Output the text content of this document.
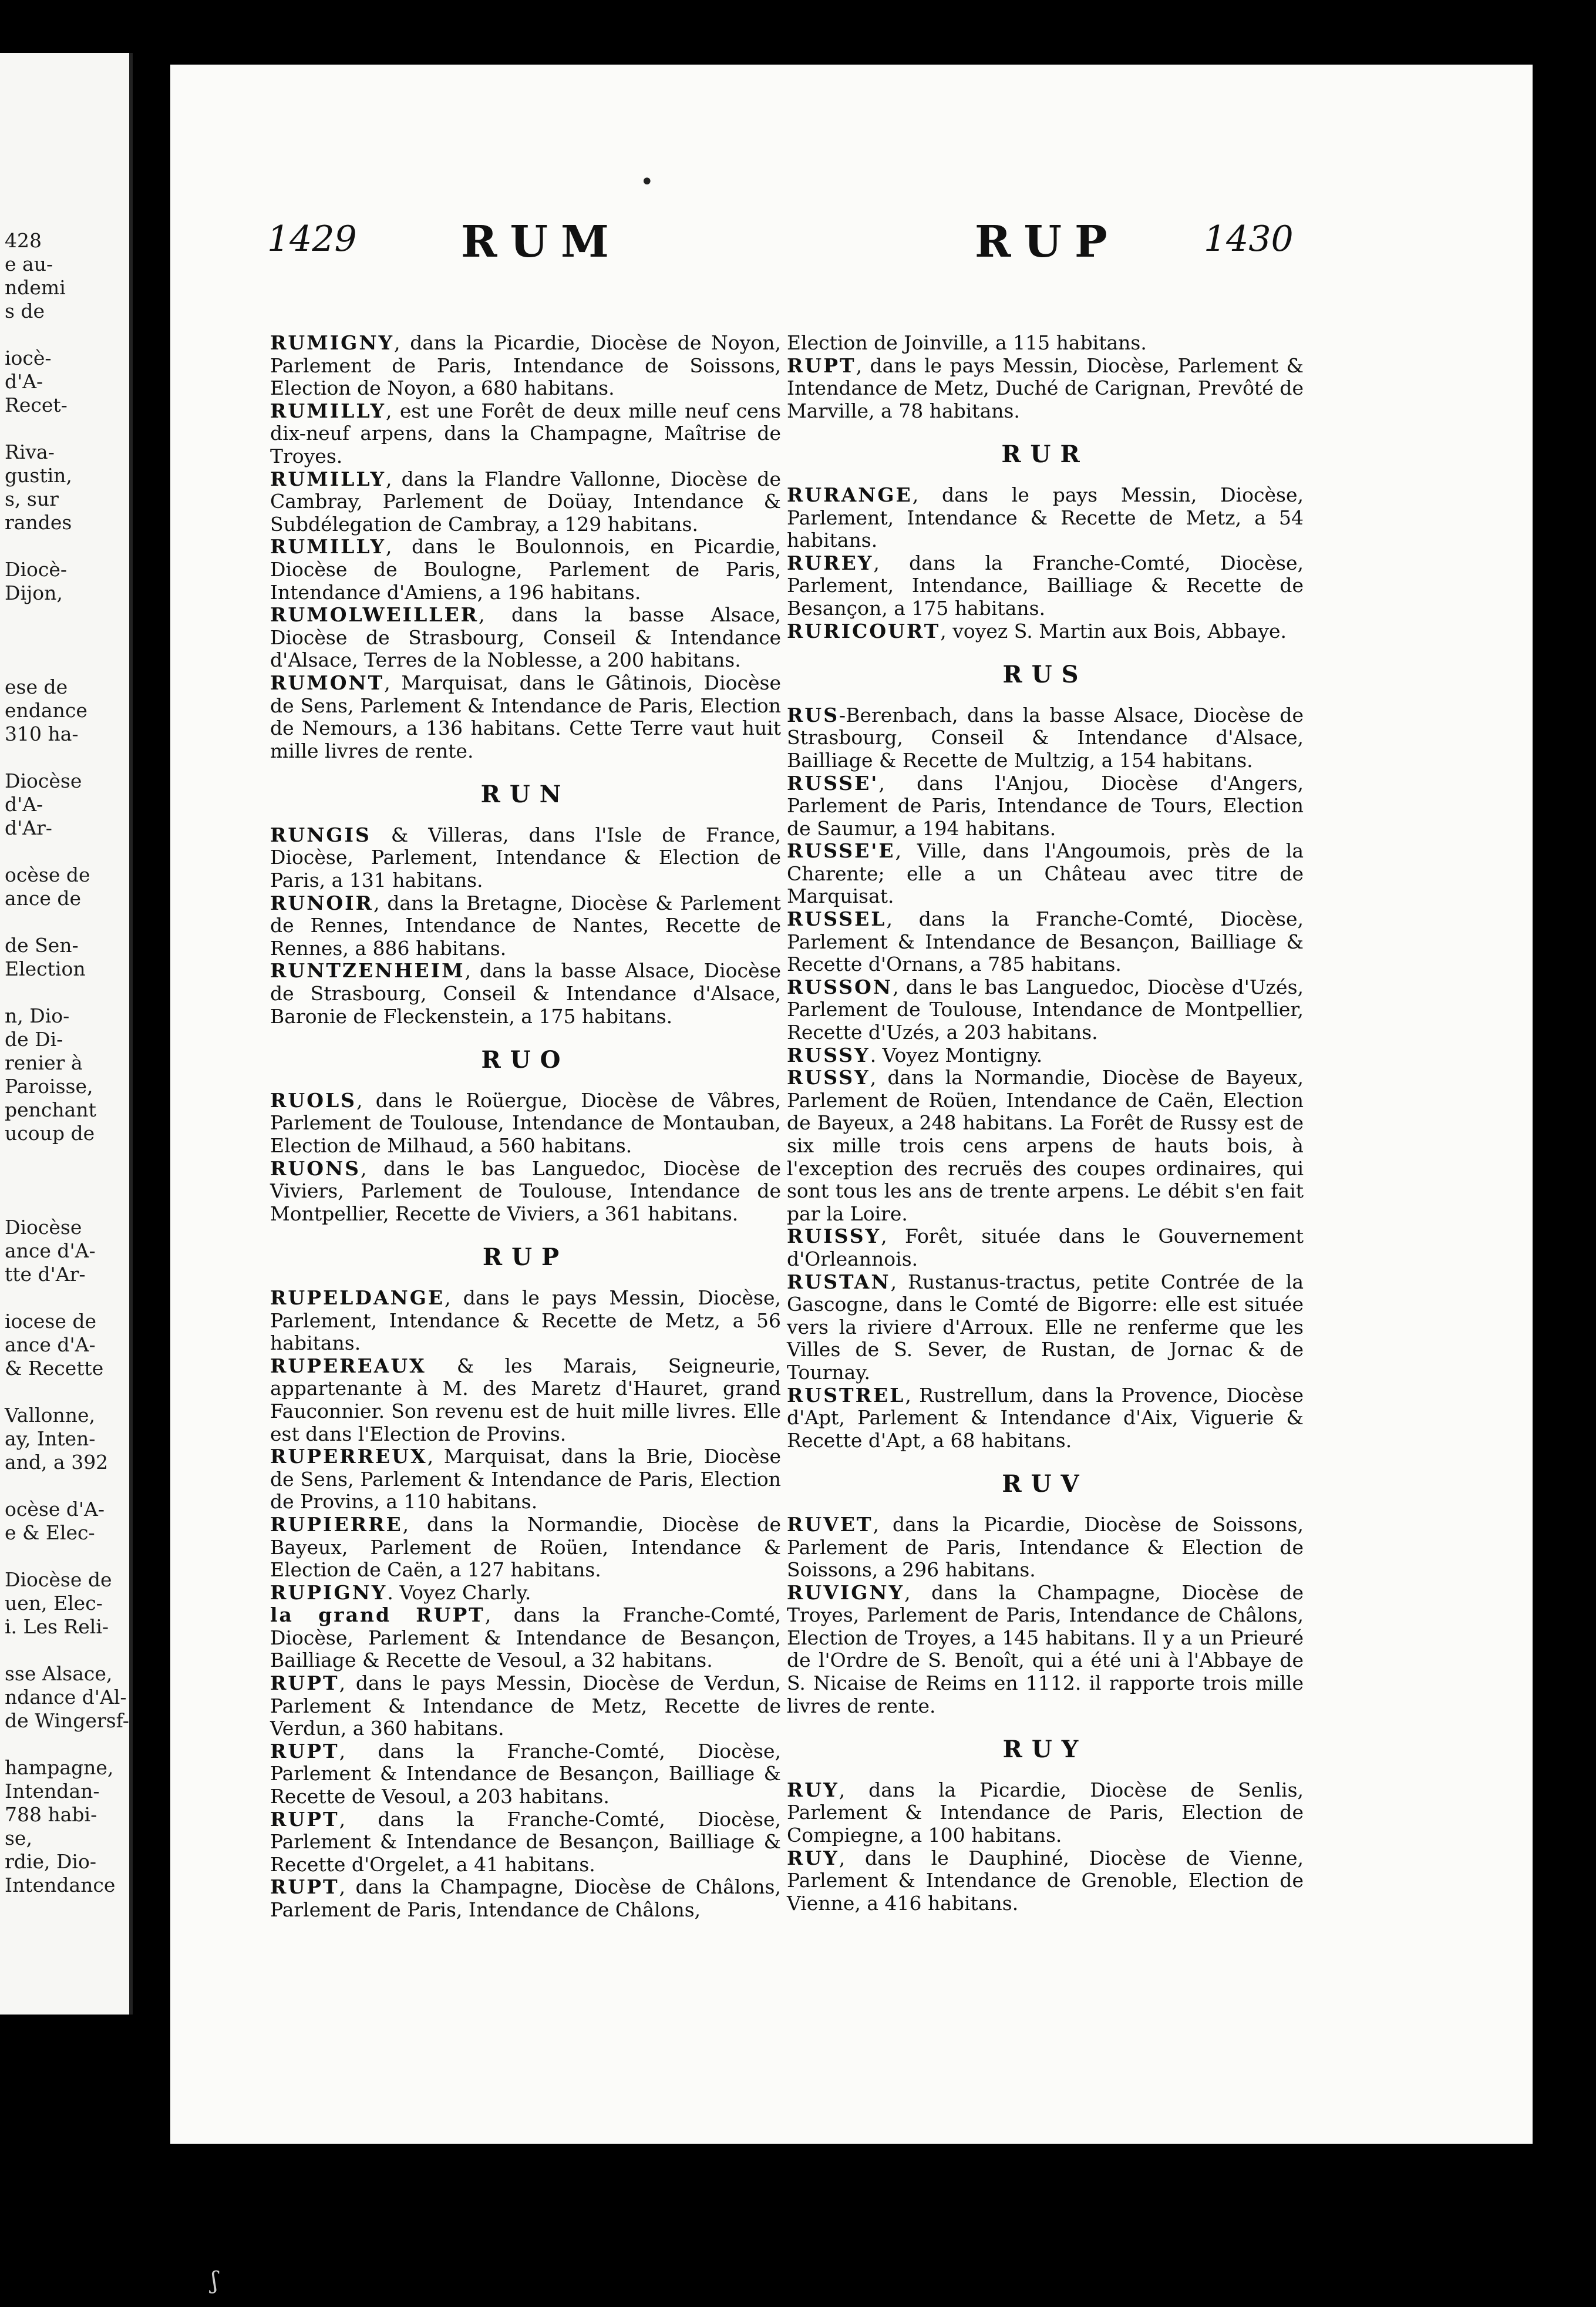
428
e au-
ndemi
s de
iocè-
d'A-
Recet-
Riva-
gustin,
s, sur
randes
Diocè-
Dijon,
ese de
endance
310 ha-
Diocèse
d'A-
d'Ar-
ocèse de
ance de
de Sen-
Election
n, Dio-
de Di-
renier à
Paroisse,
penchant
ucoup de
Diocèse
ance d'A-
tte d'Ar-
iocese de
ance d'A-
& Recette
Vallonne,
ay, Inten-
and, a 392
ocèse d'A-
e & Elec-
Diocèse de
uen, Elec-
i. Les Reli-
sse Alsace,
ndance d'Al-
de Wingersf-
hampagne,
Intendan-
788 habi-
se,
rdie, Dio-
Intendance
•
1429 RUM	RUP 1430

RUMIGNY, dans la Picardie, Diocèse de Noyon, Parlement de Paris, Intendance de Soissons, Election de Noyon, a 680 habitans.

RUMILLY, est une Forêt de deux mille neuf cens dix-neuf arpens, dans la Champagne, Maîtrise de Troyes.

RUMILLY, dans la Flandre Vallonne, Diocèse de Cambray, Parlement de Doüay, Intendance & Subdélegation de Cambray, a 129 habitans.

RUMILLY, dans le Boulonnois, en Picardie, Diocèse de Boulogne, Parlement de Paris, Intendance d'Amiens, a 196 habitans.

RUMOLWEILLER, dans la basse Alsace, Diocèse de Strasbourg, Conseil & Intendance d'Alsace, Terres de la Noblesse, a 200 habitans.

RUMONT, Marquisat, dans le Gâtinois, Diocèse de Sens, Parlement & Intendance de Paris, Election de Nemours, a 136 habitans. Cette Terre vaut huit mille livres de rente.

RUN

RUNGIS & Villeras, dans l'Isle de France, Diocèse, Parlement, Intendance & Election de Paris, a 131 habitans.

RUNOIR, dans la Bretagne, Diocèse & Parlement de Rennes, Intendance de Nantes, Recette de Rennes, a 886 habitans.

RUNTZENHEIM, dans la basse Alsace, Diocèse de Strasbourg, Conseil & Intendance d'Alsace, Baronie de Fleckenstein, a 175 habitans.

RUO

RUOLS, dans le Roüergue, Diocèse de Vâbres, Parlement de Toulouse, Intendance de Montauban, Election de Milhaud, a 560 habitans.

RUONS, dans le bas Languedoc, Diocèse de Viviers, Parlement de Toulouse, Intendance de Montpellier, Recette de Viviers, a 361 habitans.

RUP

RUPELDANGE, dans le pays Messin, Diocèse, Parlement, Intendance & Recette de Metz, a 56 habitans.

RUPEREAUX & les Marais, Seigneurie, appartenante à M. des Maretz d'Hauret, grand Fauconnier. Son revenu est de huit mille livres. Elle est dans l'Election de Provins.

RUPERREUX, Marquisat, dans la Brie, Diocèse de Sens, Parlement & Intendance de Paris, Election de Provins, a 110 habitans.

RUPIERRE, dans la Normandie, Diocèse de Bayeux, Parlement de Roüen, Intendance & Election de Caën, a 127 habitans.

RUPIGNY. Voyez Charly.

la grand RUPT, dans la Franche-Comté, Diocèse, Parlement & Intendance de Besançon, Bailliage & Recette de Vesoul, a 32 habitans.

RUPT, dans le pays Messin, Diocèse de Verdun, Parlement & Intendance de Metz, Recette de Verdun, a 360 habitans.

RUPT, dans la Franche-Comté, Diocèse, Parlement & Intendance de Besançon, Bailliage & Recette de Vesoul, a 203 habitans.

RUPT, dans la Franche-Comté, Diocèse, Parlement & Intendance de Besançon, Bailliage & Recette d'Orgelet, a 41 habitans.

RUPT, dans la Champagne, Diocèse de Châlons, Parlement de Paris, Intendance de Châlons,

Election de Joinville, a 115 habitans.

RUPT, dans le pays Messin, Diocèse, Parlement & Intendance de Metz, Duché de Carignan, Prevôté de Marville, a 78 habitans.

RUR

RURANGE, dans le pays Messin, Diocèse, Parlement, Intendance & Recette de Metz, a 54 habitans.

RUREY, dans la Franche-Comté, Diocèse, Parlement, Intendance, Bailliage & Recette de Besançon, a 175 habitans.

RURICOURT, voyez S. Martin aux Bois, Abbaye.

RUS

RUS-Berenbach, dans la basse Alsace, Diocèse de Strasbourg, Conseil & Intendance d'Alsace, Bailliage & Recette de Multzig, a 154 habitans.

RUSSE', dans l'Anjou, Diocèse d'Angers, Parlement de Paris, Intendance de Tours, Election de Saumur, a 194 habitans.

RUSSE'E, Ville, dans l'Angoumois, près de la Charente; elle a un Château avec titre de Marquisat.

RUSSEL, dans la Franche-Comté, Diocèse, Parlement & Intendance de Besançon, Bailliage & Recette d'Ornans, a 785 habitans.

RUSSON, dans le bas Languedoc, Diocèse d'Uzés, Parlement de Toulouse, Intendance de Montpellier, Recette d'Uzés, a 203 habitans.

RUSSY. Voyez Montigny.

RUSSY, dans la Normandie, Diocèse de Bayeux, Parlement de Roüen, Intendance de Caën, Election de Bayeux, a 248 habitans. La Forêt de Russy est de six mille trois cens arpens de hauts bois, à l'exception des recruës des coupes ordinaires, qui sont tous les ans de trente arpens. Le débit s'en fait par la Loire.

RUISSY, Forêt, située dans le Gouvernement d'Orleannois.

RUSTAN, Rustanus-tractus, petite Contrée de la Gascogne, dans le Comté de Bigorre: elle est située vers la riviere d'Arroux. Elle ne renferme que les Villes de S. Sever, de Rustan, de Jornac & de Tournay.

RUSTREL, Rustrellum, dans la Provence, Diocèse d'Apt, Parlement & Intendance d'Aix, Viguerie & Recette d'Apt, a 68 habitans.

RUV

RUVET, dans la Picardie, Diocèse de Soissons, Parlement de Paris, Intendance & Election de Soissons, a 296 habitans.

RUVIGNY, dans la Champagne, Diocèse de Troyes, Parlement de Paris, Intendance de Châlons, Election de Troyes, a 145 habitans. Il y a un Prieuré de l'Ordre de S. Benoît, qui a été uni à l'Abbaye de S. Nicaise de Reims en 1112. il rapporte trois mille livres de rente.

RUY

RUY, dans la Picardie, Diocèse de Senlis, Parlement & Intendance de Paris, Election de Compiegne, a 100 habitans.

RUY, dans le Dauphiné, Diocèse de Vienne, Parlement & Intendance de Grenoble, Election de Vienne, a 416 habitans.

ʃ
